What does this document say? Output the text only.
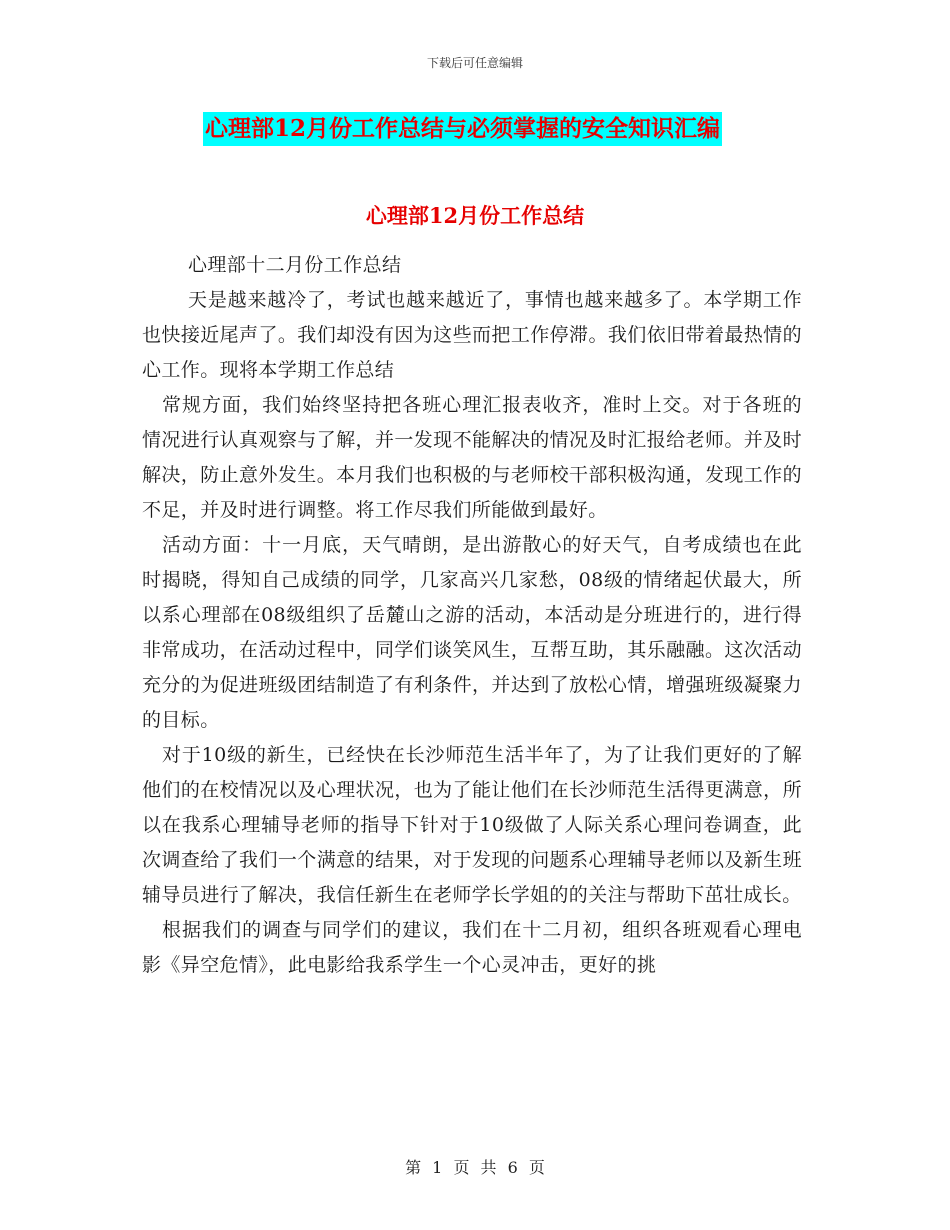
下载后可任意编辑
心理部12月份工作总结与必须掌握的安全知识汇编
心理部12月份工作总结

心理部十二月份工作总结

天是越来越冷了，考试也越来越近了，事情也越来越多了。本学期工作也快接近尾声了。我们却没有因为这些而把工作停滞。我们依旧带着最热情的心工作。现将本学期工作总结

常规方面，我们始终坚持把各班心理汇报表收齐，准时上交。对于各班的情况进行认真观察与了解，并一发现不能解决的情况及时汇报给老师。并及时解决，防止意外发生。本月我们也积极的与老师校干部积极沟通，发现工作的不足，并及时进行调整。将工作尽我们所能做到最好。

活动方面：十一月底，天气晴朗，是出游散心的好天气，自考成绩也在此时揭晓，得知自己成绩的同学，几家高兴几家愁，08级的情绪起伏最大，所以系心理部在08级组织了岳麓山之游的活动，本活动是分班进行的，进行得非常成功，在活动过程中，同学们谈笑风生，互帮互助，其乐融融。这次活动充分的为促进班级团结制造了有利条件，并达到了放松心情，增强班级凝聚力的目标。

对于10级的新生，已经快在长沙师范生活半年了，为了让我们更好的了解他们的在校情况以及心理状况，也为了能让他们在长沙师范生活得更满意，所以在我系心理辅导老师的指导下针对于10级做了人际关系心理问卷调查，此次调查给了我们一个满意的结果，对于发现的问题系心理辅导老师以及新生班辅导员进行了解决，我信任新生在老师学长学姐的的关注与帮助下茁壮成长。

根据我们的调查与同学们的建议，我们在十二月初，组织各班观看心理电影《异空危情》，此电影给我系学生一个心灵冲击，更好的挑

第 1 页 共 6 页
